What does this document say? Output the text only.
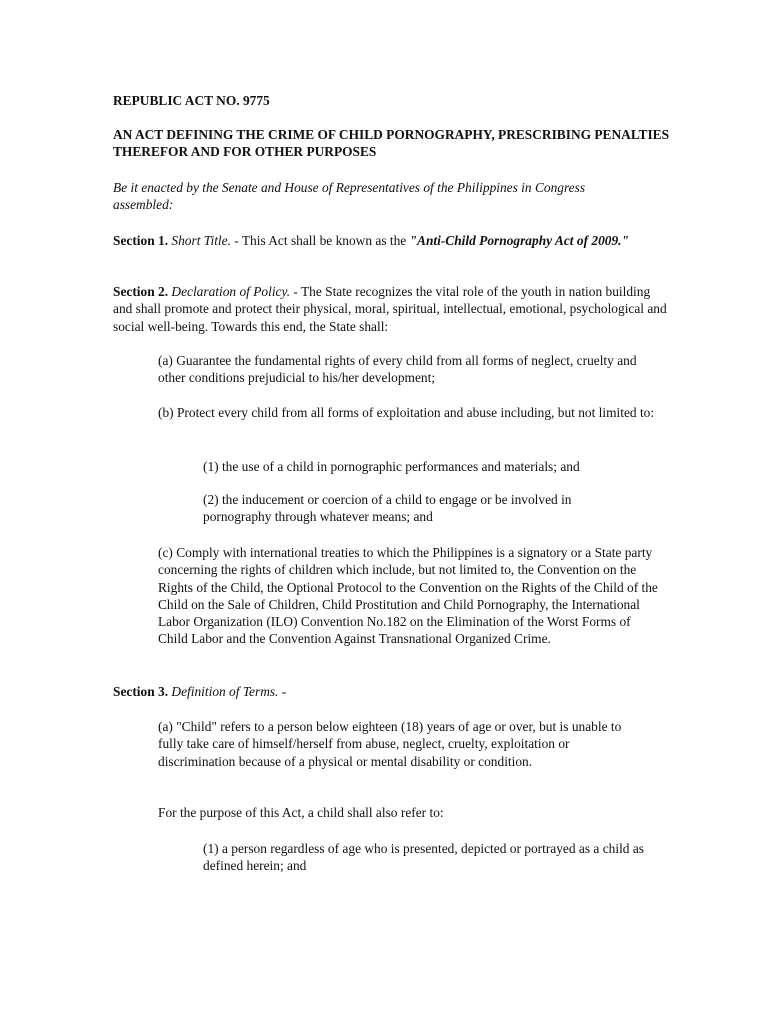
REPUBLIC ACT NO. 9775

AN ACT DEFINING THE CRIME OF CHILD PORNOGRAPHY, PRESCRIBING PENALTIES THEREFOR AND FOR OTHER PURPOSES

Be it enacted by the Senate and House of Representatives of the Philippines in Congress assembled:

Section 1. Short Title. - This Act shall be known as the "Anti-Child Pornography Act of 2009."

Section 2. Declaration of Policy. - The State recognizes the vital role of the youth in nation building and shall promote and protect their physical, moral, spiritual, intellectual, emotional, psychological and social well-being. Towards this end, the State shall:

(a) Guarantee the fundamental rights of every child from all forms of neglect, cruelty and other conditions prejudicial to his/her development;

(b) Protect every child from all forms of exploitation and abuse including, but not limited to:

(1) the use of a child in pornographic performances and materials; and

(2) the inducement or coercion of a child to engage or be involved in pornography through whatever means; and

(c) Comply with international treaties to which the Philippines is a signatory or a State party concerning the rights of children which include, but not limited to, the Convention on the Rights of the Child, the Optional Protocol to the Convention on the Rights of the Child of the Child on the Sale of Children, Child Prostitution and Child Pornography, the International Labor Organization (ILO) Convention No.182 on the Elimination of the Worst Forms of Child Labor and the Convention Against Transnational Organized Crime.

Section 3. Definition of Terms. -

(a) "Child" refers to a person below eighteen (18) years of age or over, but is unable to fully take care of himself/herself from abuse, neglect, cruelty, exploitation or discrimination because of a physical or mental disability or condition.

For the purpose of this Act, a child shall also refer to:

(1) a person regardless of age who is presented, depicted or portrayed as a child as defined herein; and
